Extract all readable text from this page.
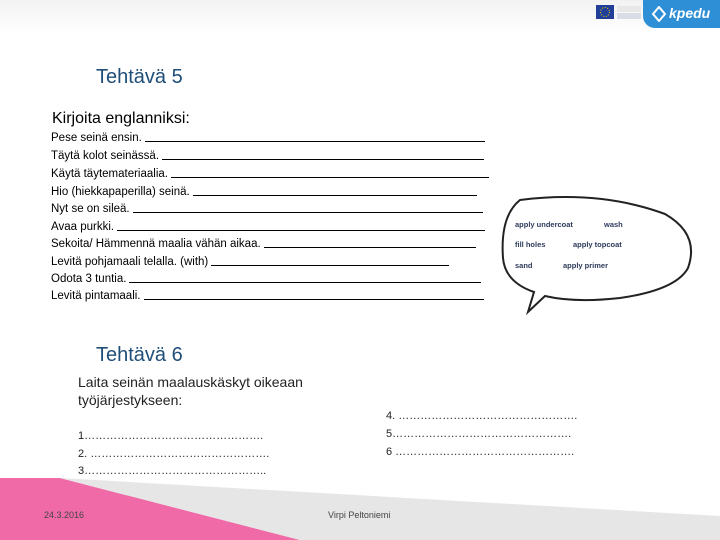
kpedu
Tehtävä 5
Kirjoita englanniksi:
Pese seinä ensin.
Täytä kolot seinässä.
Käytä täytemateriaalia.
Hio (hiekkapaperilla) seinä.
Nyt se on sileä.
Avaa purkki.
Sekoita/ Hämmennä maalia vähän aikaa.
Levitä pohjamaali telalla. (with)
Odota 3 tuntia.
Levitä pintamaali.
apply undercoat	wash
fill holes	apply topcoat
sand	apply primer
Tehtävä 6
Laita seinän maalauskäskyt oikeaan työjärjestykseen:
1………………………………………….
2. ………………………………………….
3…………………………………………..
4. ………………………………………….
5………………………………………….
6 ………………………………………….
24.3.2016	Virpi Peltoniemi
